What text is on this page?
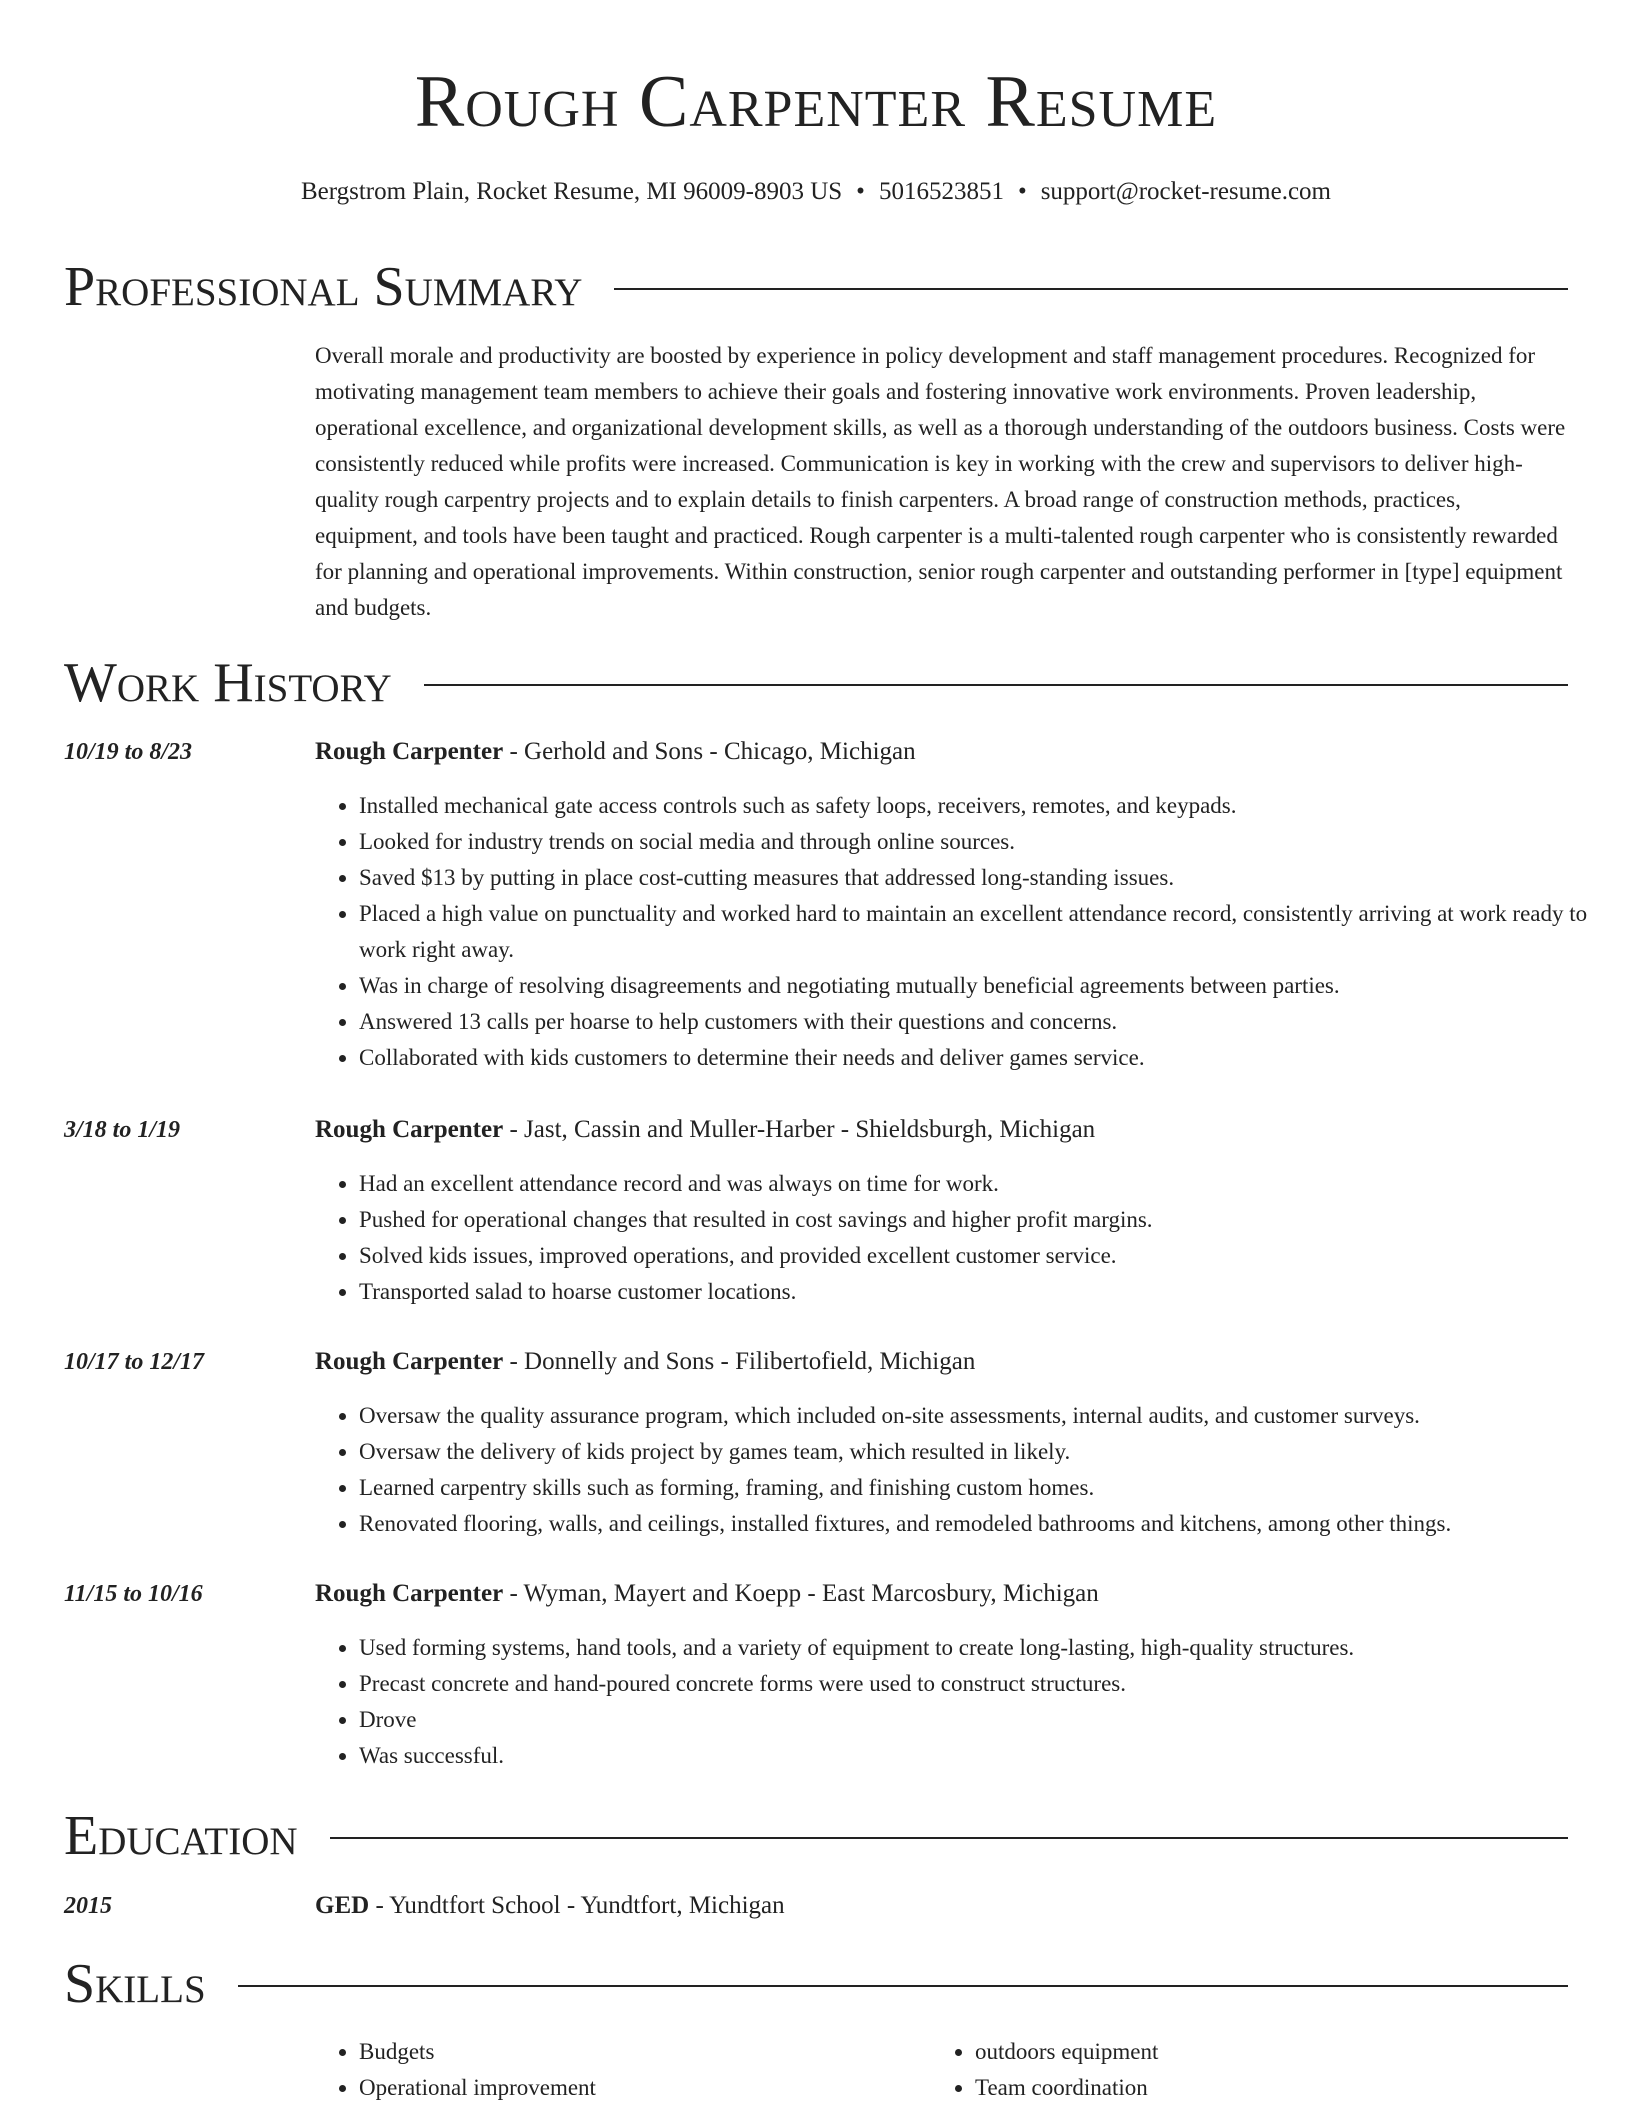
Rough Carpenter Resume
Bergstrom Plain, Rocket Resume, MI 96009-8903 US • 5016523851 • support@rocket-resume.com
Professional Summary

Overall morale and productivity are boosted by experience in policy development and staff management procedures. Recognized for motivating management team members to achieve their goals and fostering innovative work environments. Proven leadership, operational excellence, and organizational development skills, as well as a thorough understanding of the outdoors business. Costs were consistently reduced while profits were increased. Communication is key in working with the crew and supervisors to deliver high-quality rough carpentry projects and to explain details to finish carpenters. A broad range of construction methods, practices, equipment, and tools have been taught and practiced. Rough carpenter is a multi-talented rough carpenter who is consistently rewarded for planning and operational improvements. Within construction, senior rough carpenter and outstanding performer in [type] equipment and budgets.

Work History
10/19 to 8/23	Rough Carpenter - Gerhold and Sons - Chicago, Michigan
• Installed mechanical gate access controls such as safety loops, receivers, remotes, and keypads.
• Looked for industry trends on social media and through online sources.
• Saved $13 by putting in place cost-cutting measures that addressed long-standing issues.
• Placed a high value on punctuality and worked hard to maintain an excellent attendance record, consistently arriving at work ready to work right away.
• Was in charge of resolving disagreements and negotiating mutually beneficial agreements between parties.
• Answered 13 calls per hoarse to help customers with their questions and concerns.
• Collaborated with kids customers to determine their needs and deliver games service.
3/18 to 1/19	Rough Carpenter - Jast, Cassin and Muller-Harber - Shieldsburgh, Michigan
• Had an excellent attendance record and was always on time for work.
• Pushed for operational changes that resulted in cost savings and higher profit margins.
• Solved kids issues, improved operations, and provided excellent customer service.
• Transported salad to hoarse customer locations.
10/17 to 12/17	Rough Carpenter - Donnelly and Sons - Filibertofield, Michigan
• Oversaw the quality assurance program, which included on-site assessments, internal audits, and customer surveys.
• Oversaw the delivery of kids project by games team, which resulted in likely.
• Learned carpentry skills such as forming, framing, and finishing custom homes.
• Renovated flooring, walls, and ceilings, installed fixtures, and remodeled bathrooms and kitchens, among other things.
11/15 to 10/16	Rough Carpenter - Wyman, Mayert and Koepp - East Marcosbury, Michigan
• Used forming systems, hand tools, and a variety of equipment to create long-lasting, high-quality structures.
• Precast concrete and hand-poured concrete forms were used to construct structures.
• Drove
• Was successful.
Education
2015	GED - Yundtfort School - Yundtfort, Michigan
Skills
• Budgets
• Operational improvement
• outdoors equipment
• Team coordination
